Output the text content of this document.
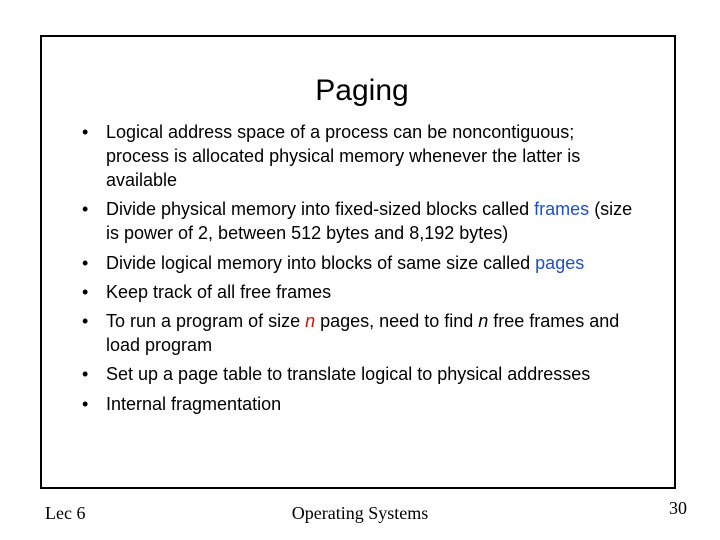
Paging
• Logical address space of a process can be noncontiguous; process is allocated physical memory whenever the latter is available
• Divide physical memory into fixed-sized blocks called frames (size is power of 2, between 512 bytes and 8,192 bytes)
• Divide logical memory into blocks of same size called pages
• Keep track of all free frames
• To run a program of size n pages, need to find n free frames and load program
• Set up a page table to translate logical to physical addresses
• Internal fragmentation
Lec 6	Operating Systems	30
